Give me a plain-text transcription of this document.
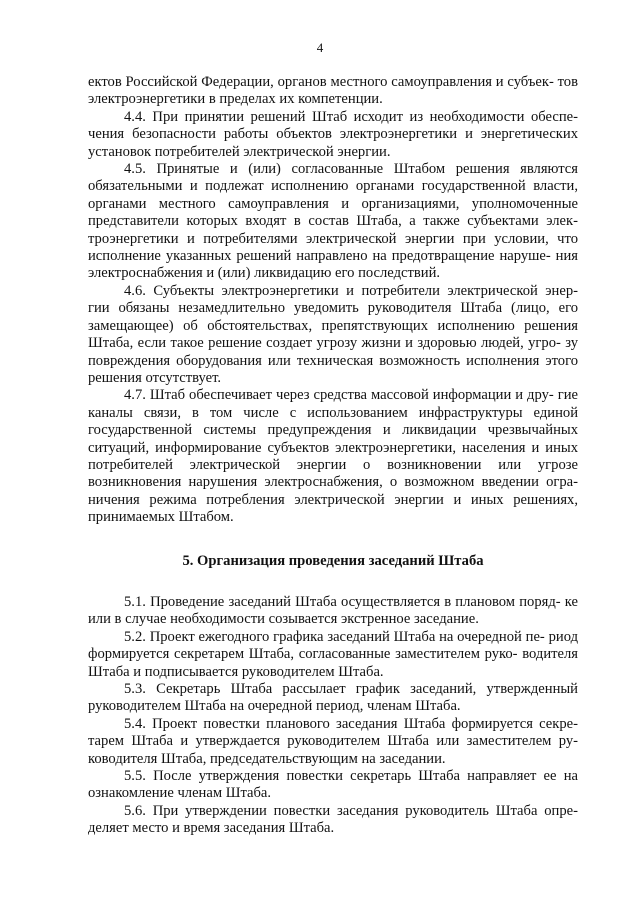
4

ектов Российской Федерации, органов местного самоуправления и субъек- тов электроэнергетики в пределах их компетенции.

4.4. При принятии решений Штаб исходит из необходимости обеспе- чения безопасности работы объектов электроэнергетики и энергетических установок потребителей электрической энергии.

4.5. Принятые и (или) согласованные Штабом решения являются обязательными и подлежат исполнению органами государственной власти, органами местного самоуправления и организациями, уполномоченные представители которых входят в состав Штаба, а также субъектами элек- троэнергетики и потребителями электрической энергии при условии, что исполнение указанных решений направлено на предотвращение наруше- ния электроснабжения и (или) ликвидацию его последствий.

4.6. Субъекты электроэнергетики и потребители электрической энер- гии обязаны незамедлительно уведомить руководителя Штаба (лицо, его замещающее) об обстоятельствах, препятствующих исполнению решения Штаба, если такое решение создает угрозу жизни и здоровью людей, угро- зу повреждения оборудования или техническая возможность исполнения этого решения отсутствует.

4.7. Штаб обеспечивает через средства массовой информации и дру- гие каналы связи, в том числе с использованием инфраструктуры единой государственной системы предупреждения и ликвидации чрезвычайных ситуаций, информирование субъектов электроэнергетики, населения и иных потребителей электрической энергии о возникновении или угрозе возникновения нарушения электроснабжения, о возможном введении огра- ничения режима потребления электрической энергии и иных решениях, принимаемых Штабом.

5. Организация проведения заседаний Штаба

5.1. Проведение заседаний Штаба осуществляется в плановом поряд- ке или в случае необходимости созывается экстренное заседание.

5.2. Проект ежегодного графика заседаний Штаба на очередной пе- риод формируется секретарем Штаба, согласованные заместителем руко- водителя Штаба и подписывается руководителем Штаба.

5.3. Секретарь Штаба рассылает график заседаний, утвержденный руководителем Штаба на очередной период, членам Штаба.

5.4. Проект повестки планового заседания Штаба формируется секре- тарем Штаба и утверждается руководителем Штаба или заместителем ру- ководителя Штаба, председательствующим на заседании.

5.5. После утверждения повестки секретарь Штаба направляет ее на ознакомление членам Штаба.

5.6. При утверждении повестки заседания руководитель Штаба опре- деляет место и время заседания Штаба.
